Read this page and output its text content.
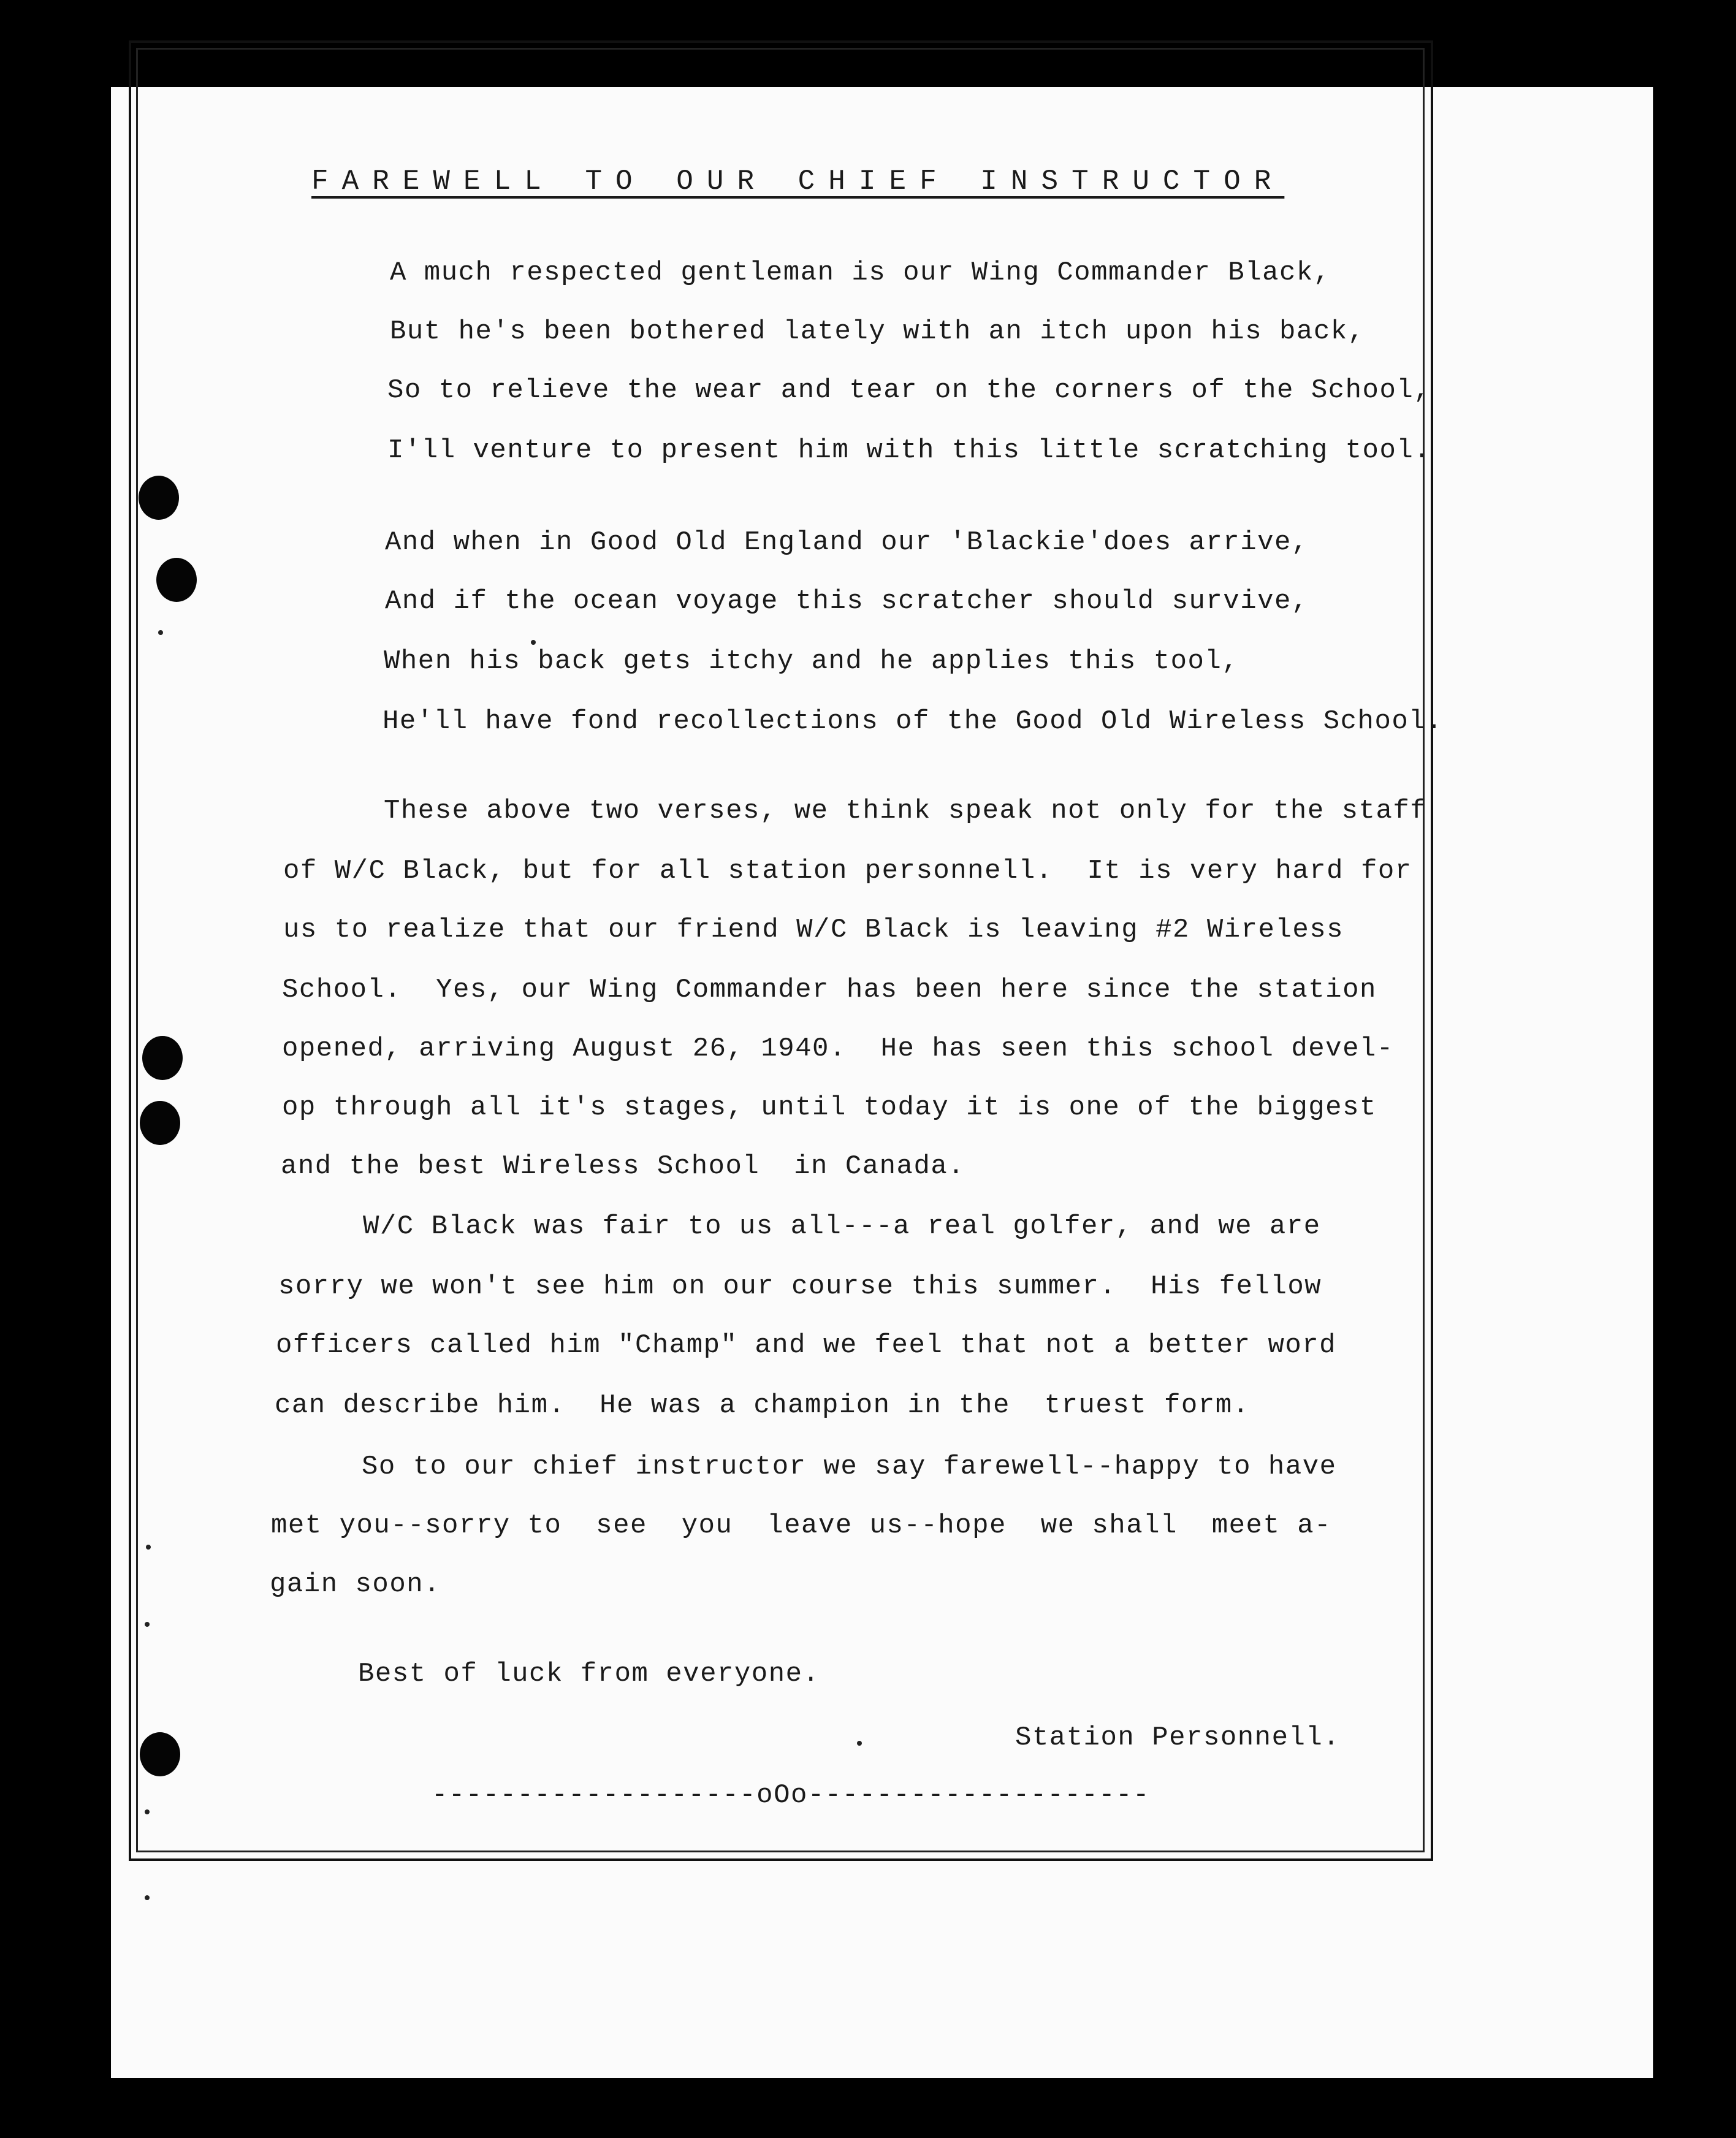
FAREWELL TO OUR CHIEF INSTRUCTOR
A much respected gentleman is our Wing Commander Black,
But he's been bothered lately with an itch upon his back,
So to relieve the wear and tear on the corners of the School,
I'll venture to present him with this little scratching tool.
And when in Good Old England our 'Blackie'does arrive,
And if the ocean voyage this scratcher should survive,
When his back gets itchy and he applies this tool,
He'll have fond recollections of the Good Old Wireless School.
These above two verses, we think speak not only for the staff
of W/C Black, but for all station personnell.  It is very hard for
us to realize that our friend W/C Black is leaving #2 Wireless
School.  Yes, our Wing Commander has been here since the station
opened, arriving August 26, 1940.  He has seen this school devel-
op through all it's stages, until today it is one of the biggest
and the best Wireless School  in Canada.
W/C Black was fair to us all---a real golfer, and we are
sorry we won't see him on our course this summer.  His fellow
officers called him "Champ" and we feel that not a better word
can describe him.  He was a champion in the  truest form.
So to our chief instructor we say farewell--happy to have
met you--sorry to  see  you  leave us--hope  we shall  meet a-
gain soon.
Best of luck from everyone.
Station Personnell.
-------------------oOo--------------------
